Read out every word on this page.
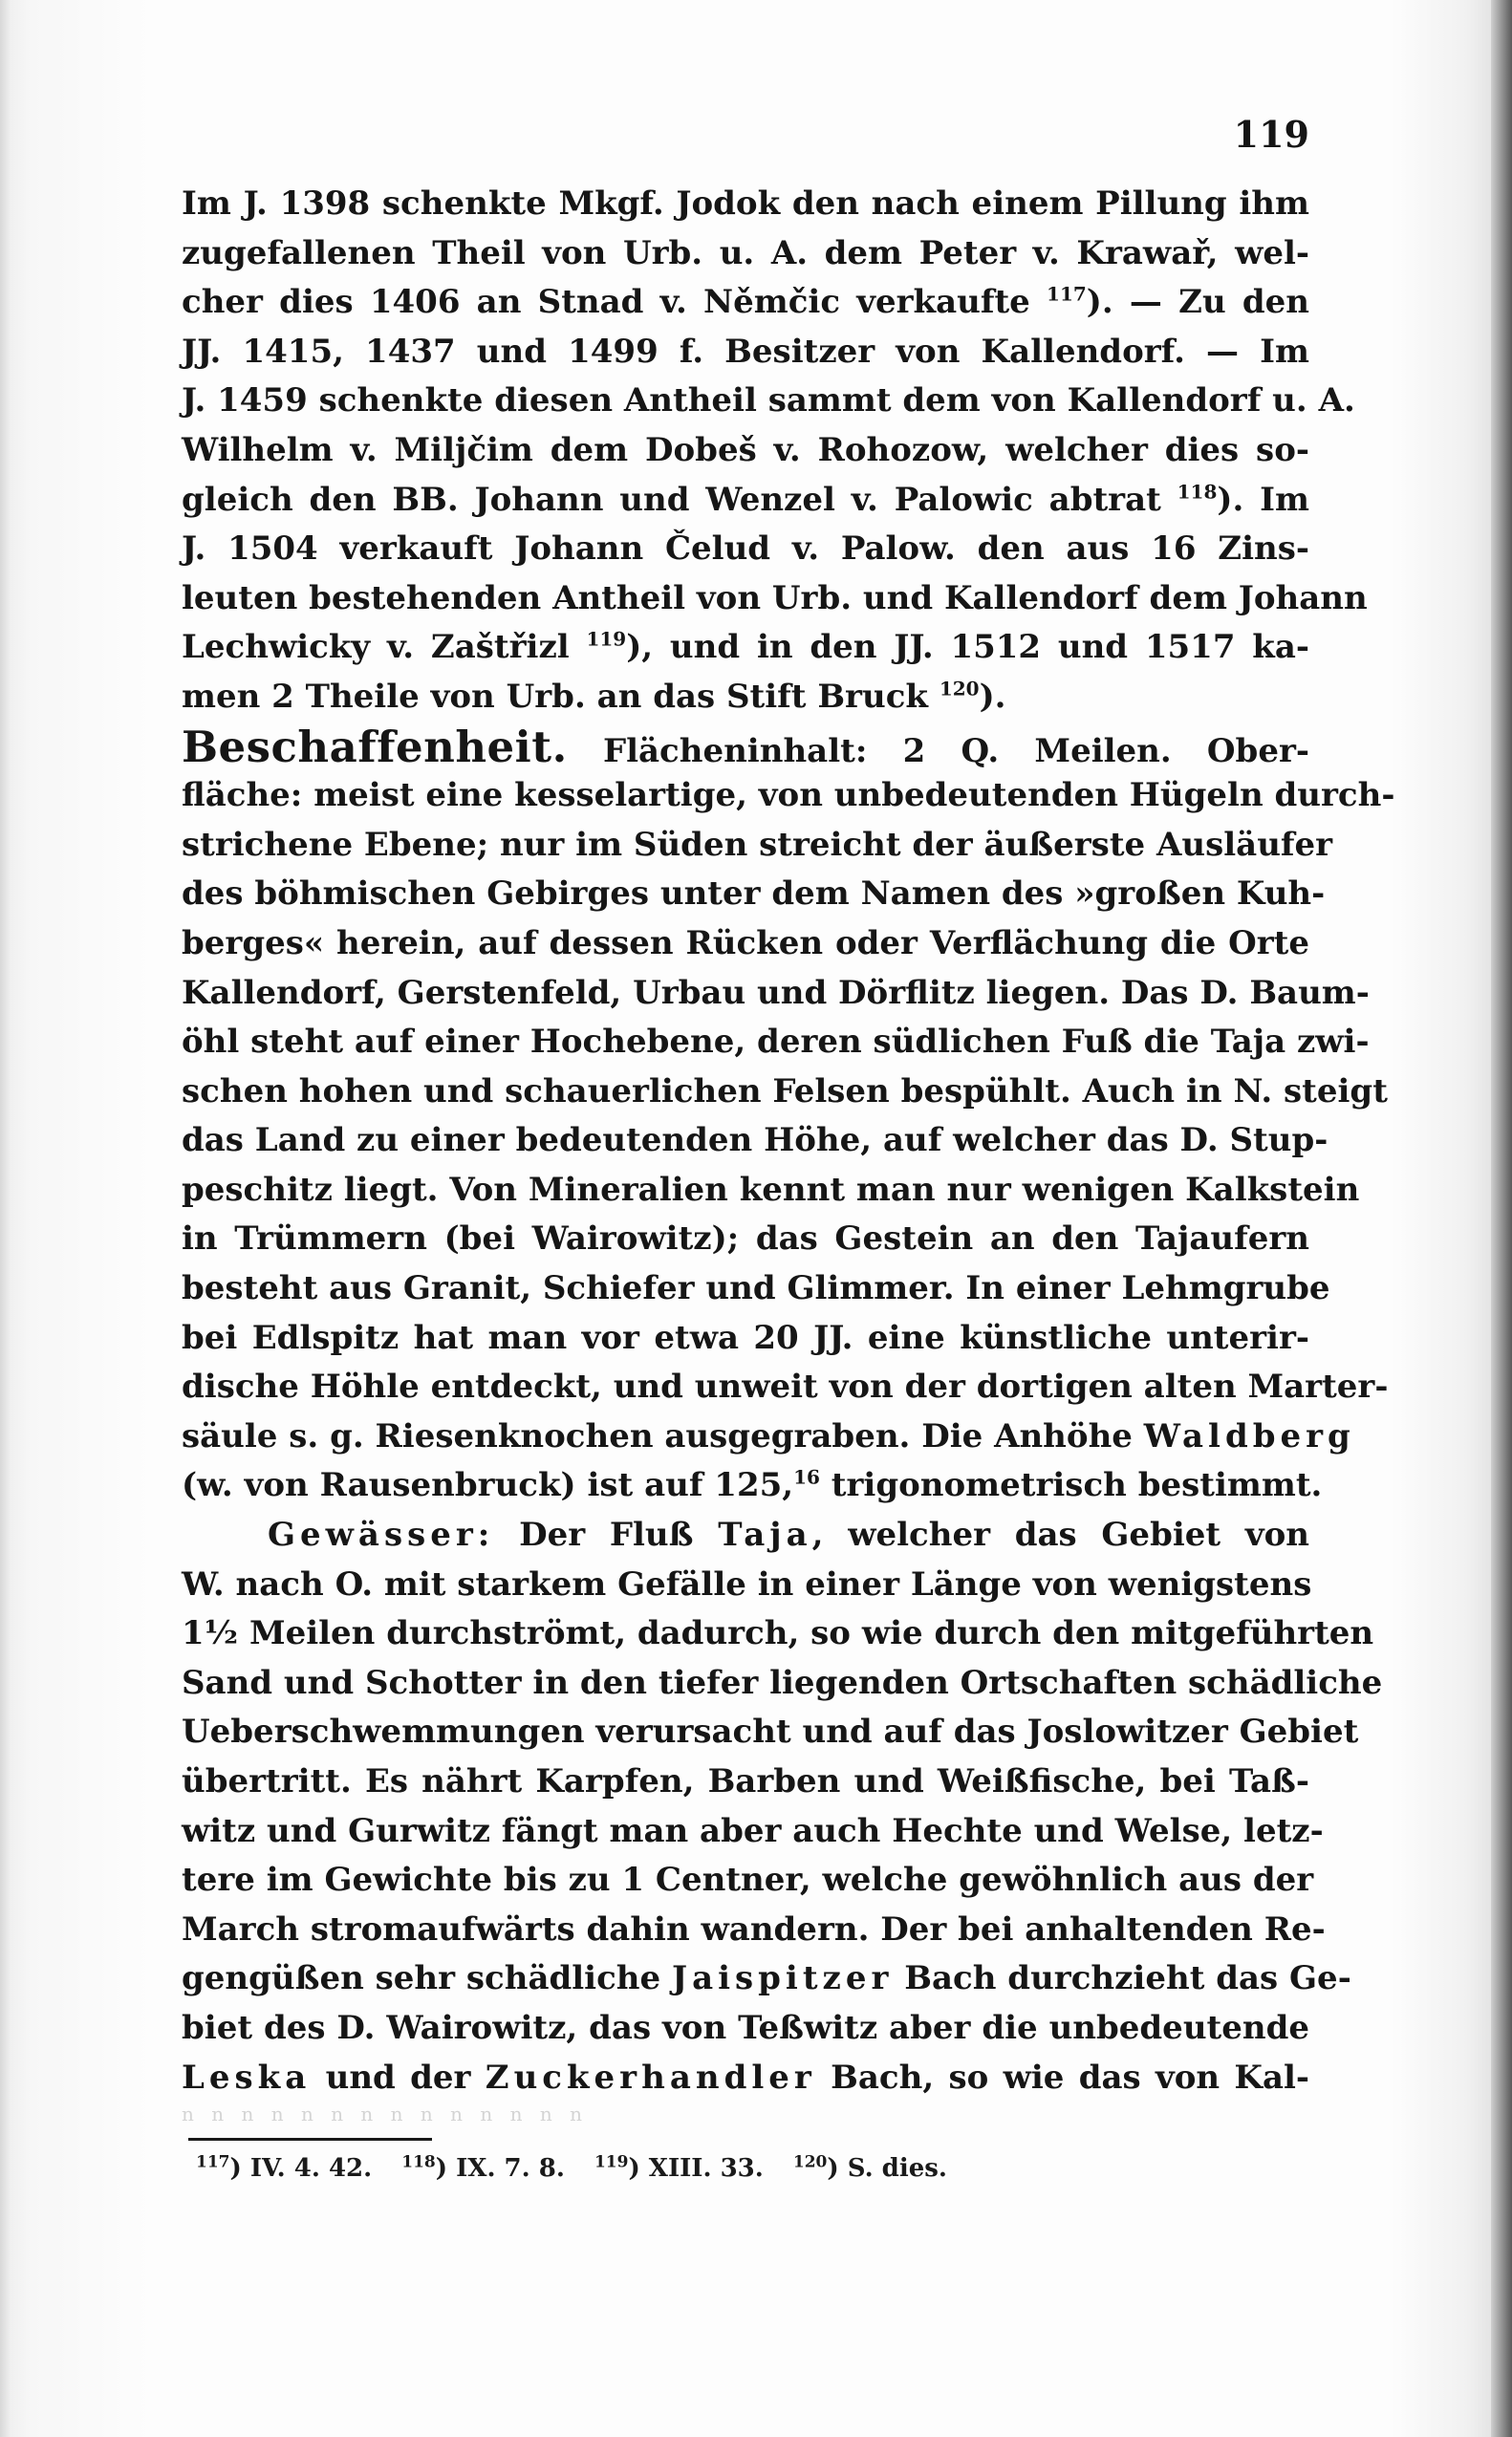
119
Im J. 1398 schenkte Mkgf. Jodok den nach einem Pillung ihm
zugefallenen Theil von Urb. u. A. dem Peter v. Krawař, wel-
cher dies 1406 an Stnad v. Němčic verkaufte $^{117}$). — Zu den
JJ. 1415, 1437 und 1499 f. Besitzer von Kallendorf. — Im
J. 1459 schenkte diesen Antheil sammt dem von Kallendorf u. A.
Wilhelm v. Miljčim dem Dobeš v. Rohozow, welcher dies so-
gleich den BB. Johann und Wenzel v. Palowic abtrat $^{118}$). Im
J. 1504 verkauft Johann Čelud v. Palow. den aus 16 Zins-
leuten bestehenden Antheil von Urb. und Kallendorf dem Johann
Lechwicky v. Zaštřizl $^{119}$), und in den JJ. 1512 und 1517 ka-
men 2 Theile von Urb. an das Stift Bruck $^{120}$).
Beschaffenheit. Flächeninhalt: 2 Q. Meilen. Ober-
fläche: meist eine kesselartige, von unbedeutenden Hügeln durch-
strichene Ebene; nur im Süden streicht der äußerste Ausläufer
des böhmischen Gebirges unter dem Namen des »großen Kuh-
berges« herein, auf dessen Rücken oder Verflächung die Orte
Kallendorf, Gerstenfeld, Urbau und Dörflitz liegen. Das D. Baum-
öhl steht auf einer Hochebene, deren südlichen Fuß die Taja zwi-
schen hohen und schauerlichen Felsen bespühlt. Auch in N. steigt
das Land zu einer bedeutenden Höhe, auf welcher das D. Stup-
peschitz liegt. Von Mineralien kennt man nur wenigen Kalkstein
in Trümmern (bei Wairowitz); das Gestein an den Tajaufern
besteht aus Granit, Schiefer und Glimmer. In einer Lehmgrube
bei Edlspitz hat man vor etwa 20 JJ. eine künstliche unterir-
dische Höhle entdeckt, und unweit von der dortigen alten Marter-
säule s. g. Riesenknochen ausgegraben. Die Anhöhe Waldberg
(w. von Rausenbruck) ist auf 125,16 trigonometrisch bestimmt.
Gewässer: Der Fluß Taja, welcher das Gebiet von
W. nach O. mit starkem Gefälle in einer Länge von wenigstens
1½ Meilen durchströmt, dadurch, so wie durch den mitgeführten
Sand und Schotter in den tiefer liegenden Ortschaften schädliche
Ueberschwemmungen verursacht und auf das Joslowitzer Gebiet
übertritt. Es nährt Karpfen, Barben und Weißfische, bei Taß-
witz und Gurwitz fängt man aber auch Hechte und Welse, letz-
tere im Gewichte bis zu 1 Centner, welche gewöhnlich aus der
March stromaufwärts dahin wandern. Der bei anhaltenden Re-
gengüßen sehr schädliche Jaispitzer Bach durchzieht das Ge-
biet des D. Wairowitz, das von Teßwitz aber die unbedeutende
Leska und der Zuckerhandler Bach, so wie das von Kal-
n n n n n n n n n n n n n n
$^{117}$) IV. 4. 42. $^{118}$) IX. 7. 8. $^{119}$) XIII. 33. $^{120}$) S. dies.
